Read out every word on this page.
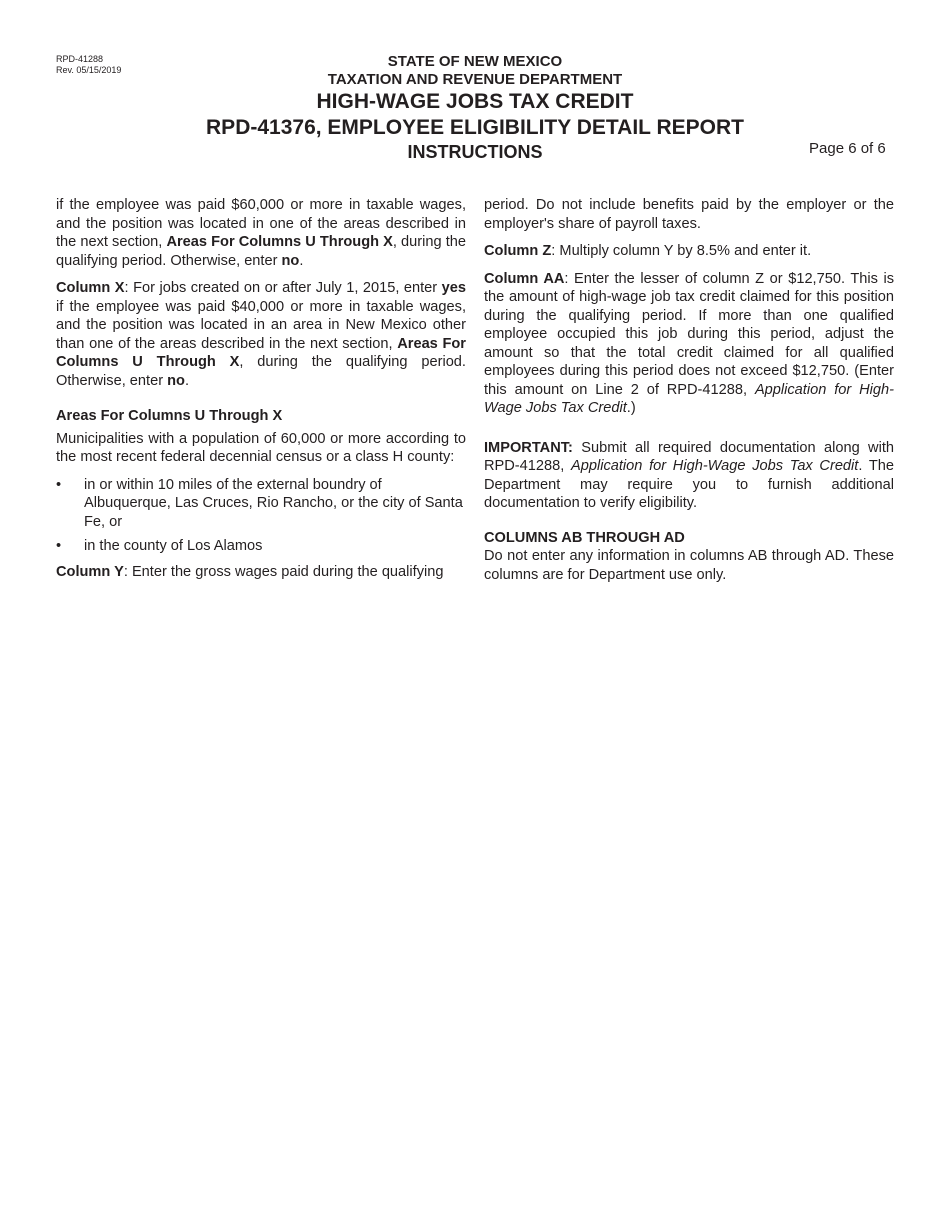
RPD-41288
Rev. 05/15/2019	STATE OF NEW MEXICO
TAXATION AND REVENUE DEPARTMENT
HIGH-WAGE JOBS TAX CREDIT
RPD-41376, EMPLOYEE ELIGIBILITY DETAIL REPORT
INSTRUCTIONS	Page 6 of 6

if the employee was paid $60,000 or more in taxable wages, and the position was located in one of the areas described in the next section, Areas For Columns U Through X, during the qualifying period. Otherwise, enter no.

Column X: For jobs created on or after July 1, 2015, enter yes if the employee was paid $40,000 or more in taxable wages, and the position was located in an area in New Mexico other than one of the areas described in the next section, Areas For Columns U Through X, during the qualifying period. Otherwise, enter no.

Areas For Columns U Through X

Municipalities with a population of 60,000 or more according to the most recent federal decennial census or a class H county:

• in or within 10 miles of the external boundry of Albuquerque, Las Cruces, Rio Rancho, or the city of Santa Fe, or
• in the county of Los Alamos

Column Y: Enter the gross wages paid during the qualifying

period. Do not include benefits paid by the employer or the employer's share of payroll taxes.

Column Z: Multiply column Y by 8.5% and enter it.

Column AA: Enter the lesser of column Z or $12,750. This is the amount of high-wage job tax credit claimed for this position during the qualifying period. If more than one qualified employee occupied this job during this period, adjust the amount so that the total credit claimed for all qualified employees during this period does not exceed $12,750. (Enter this amount on Line 2 of RPD-41288, Application for High-Wage Jobs Tax Credit.)

IMPORTANT: Submit all required documentation along with RPD-41288, Application for High-Wage Jobs Tax Credit. The Department may require you to furnish additional documentation to verify eligibility.

COLUMNS AB THROUGH AD

Do not enter any information in columns AB through AD. These columns are for Department use only.
